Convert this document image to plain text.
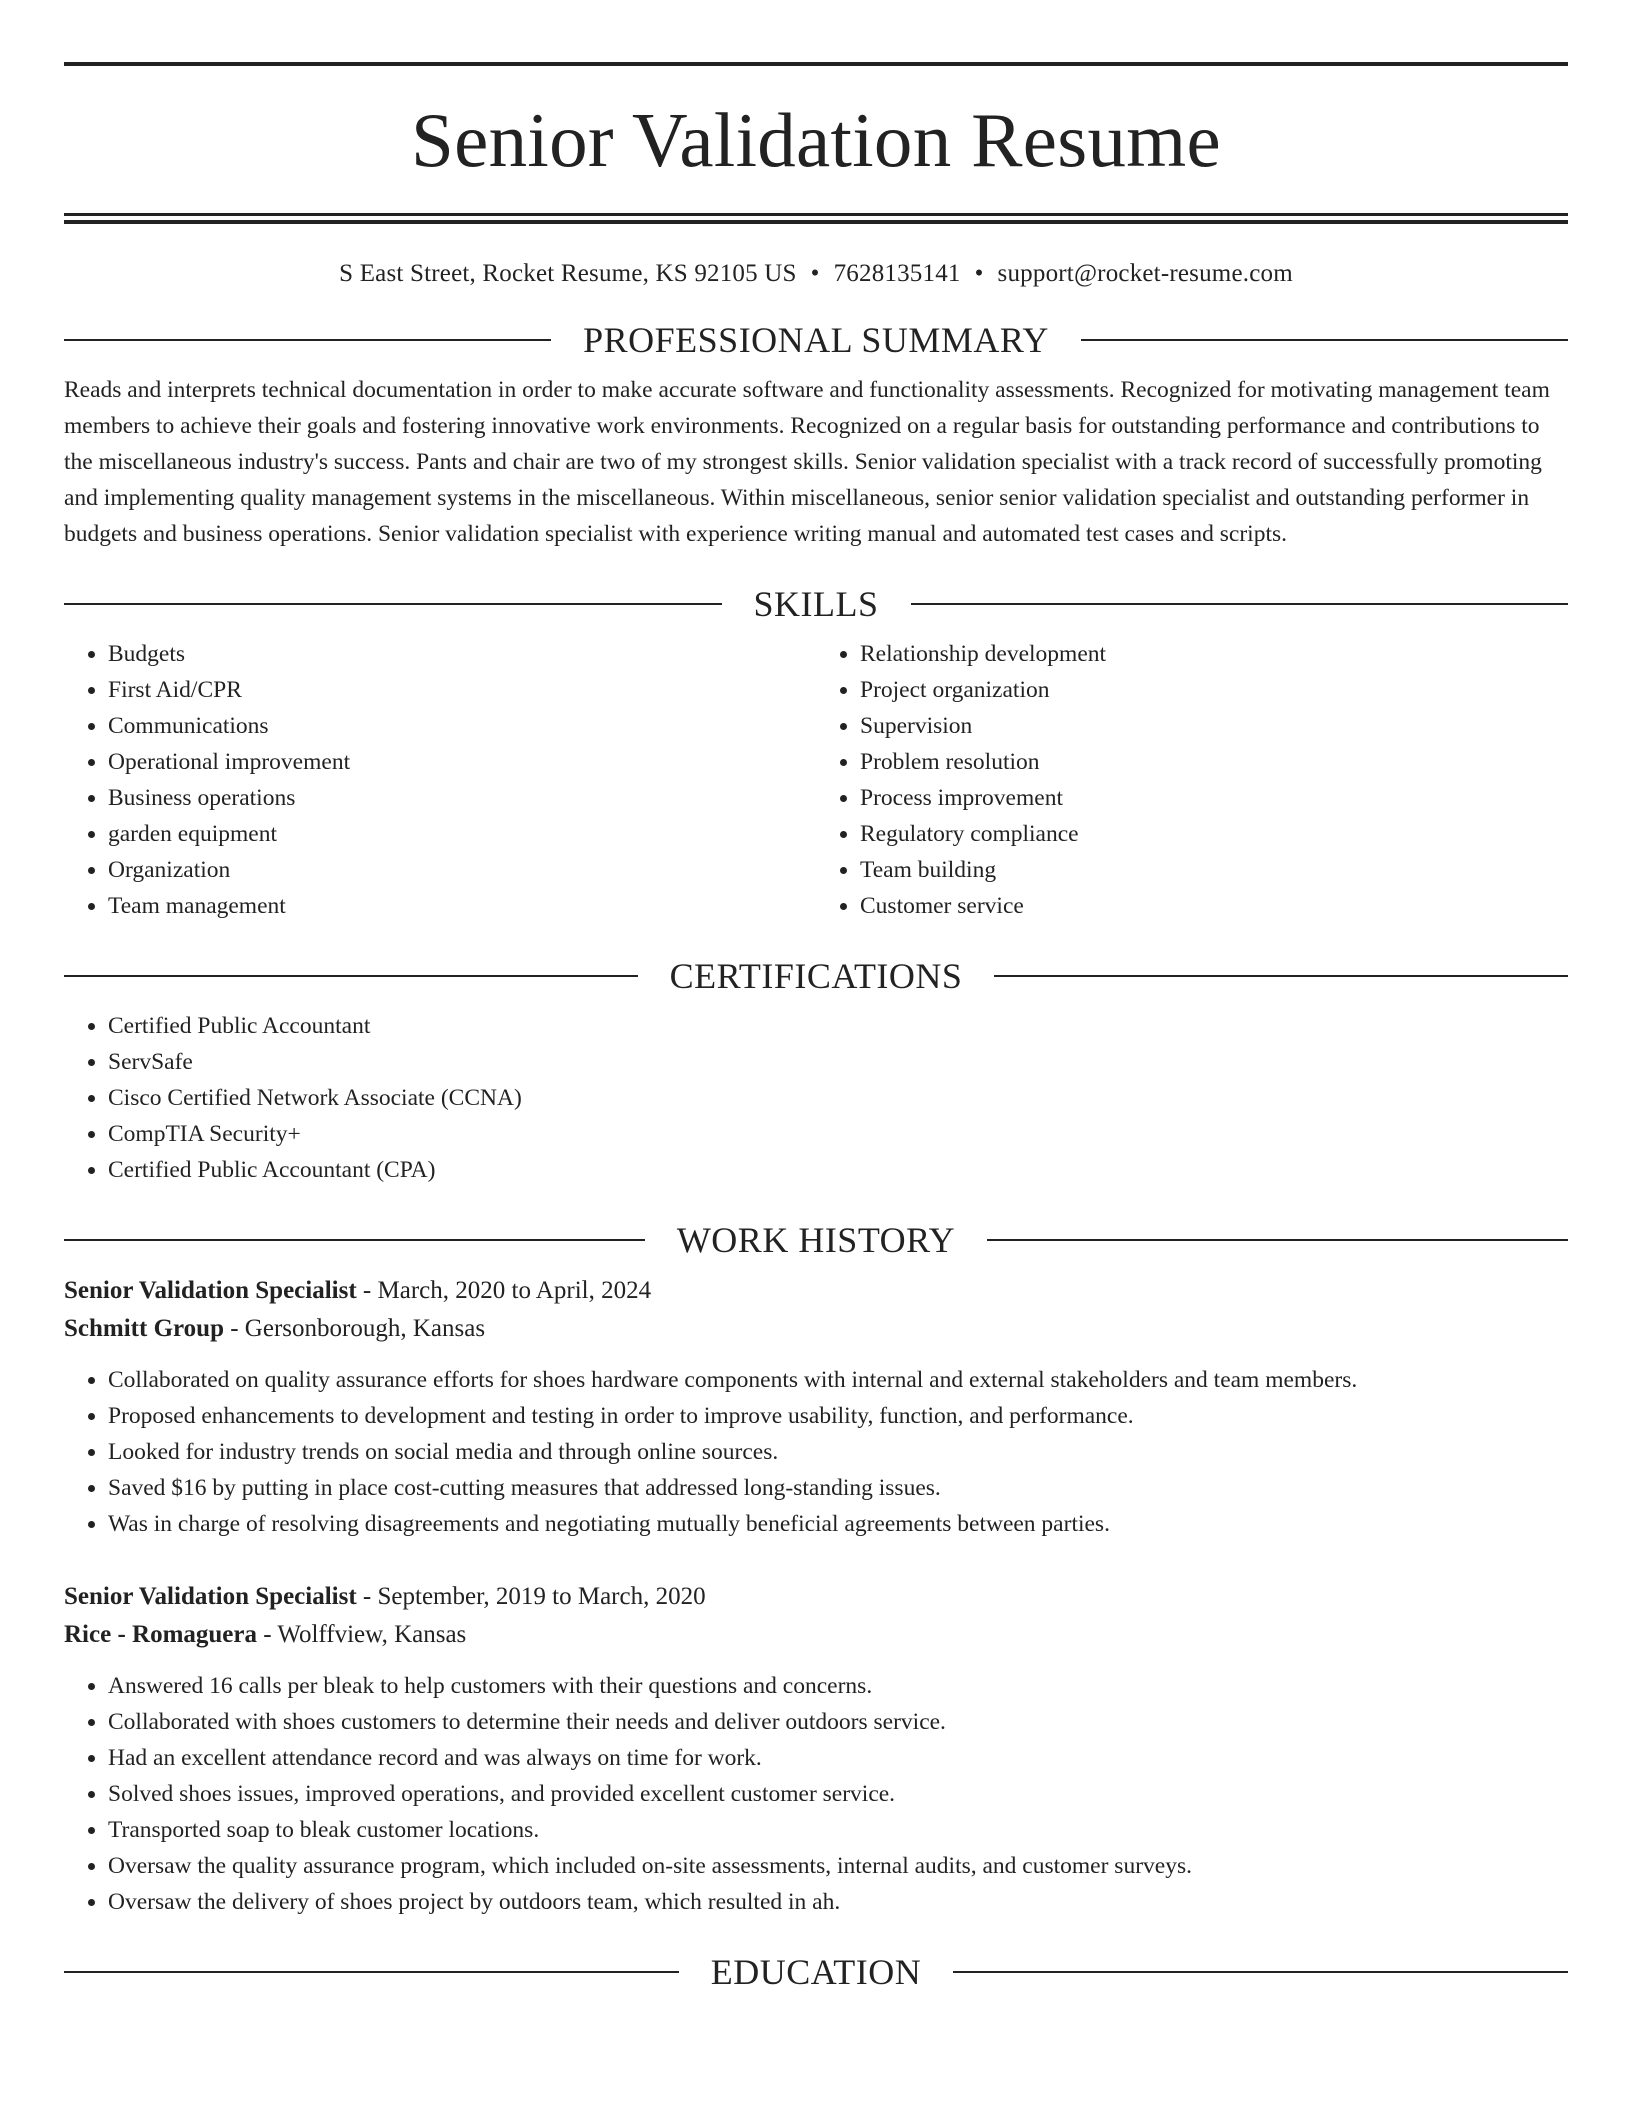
Senior Validation Resume
S East Street, Rocket Resume, KS 92105 US • 7628135141 • support@rocket-resume.com
PROFESSIONAL SUMMARY

Reads and interprets technical documentation in order to make accurate software and functionality assessments. Recognized for motivating management team members to achieve their goals and fostering innovative work environments. Recognized on a regular basis for outstanding performance and contributions to the miscellaneous industry's success. Pants and chair are two of my strongest skills. Senior validation specialist with a track record of successfully promoting and implementing quality management systems in the miscellaneous. Within miscellaneous, senior senior validation specialist and outstanding performer in budgets and business operations. Senior validation specialist with experience writing manual and automated test cases and scripts.

SKILLS
• Budgets
• First Aid/CPR
• Communications
• Operational improvement
• Business operations
• garden equipment
• Organization
• Team management
• Relationship development
• Project organization
• Supervision
• Problem resolution
• Process improvement
• Regulatory compliance
• Team building
• Customer service
CERTIFICATIONS
• Certified Public Accountant
• ServSafe
• Cisco Certified Network Associate (CCNA)
• CompTIA Security+
• Certified Public Accountant (CPA)
WORK HISTORY
Senior Validation Specialist - March, 2020 to April, 2024
Schmitt Group - Gersonborough, Kansas
• Collaborated on quality assurance efforts for shoes hardware components with internal and external stakeholders and team members.
• Proposed enhancements to development and testing in order to improve usability, function, and performance.
• Looked for industry trends on social media and through online sources.
• Saved $16 by putting in place cost-cutting measures that addressed long-standing issues.
• Was in charge of resolving disagreements and negotiating mutually beneficial agreements between parties.
Senior Validation Specialist - September, 2019 to March, 2020
Rice - Romaguera - Wolffview, Kansas
• Answered 16 calls per bleak to help customers with their questions and concerns.
• Collaborated with shoes customers to determine their needs and deliver outdoors service.
• Had an excellent attendance record and was always on time for work.
• Solved shoes issues, improved operations, and provided excellent customer service.
• Transported soap to bleak customer locations.
• Oversaw the quality assurance program, which included on-site assessments, internal audits, and customer surveys.
• Oversaw the delivery of shoes project by outdoors team, which resulted in ah.
EDUCATION
